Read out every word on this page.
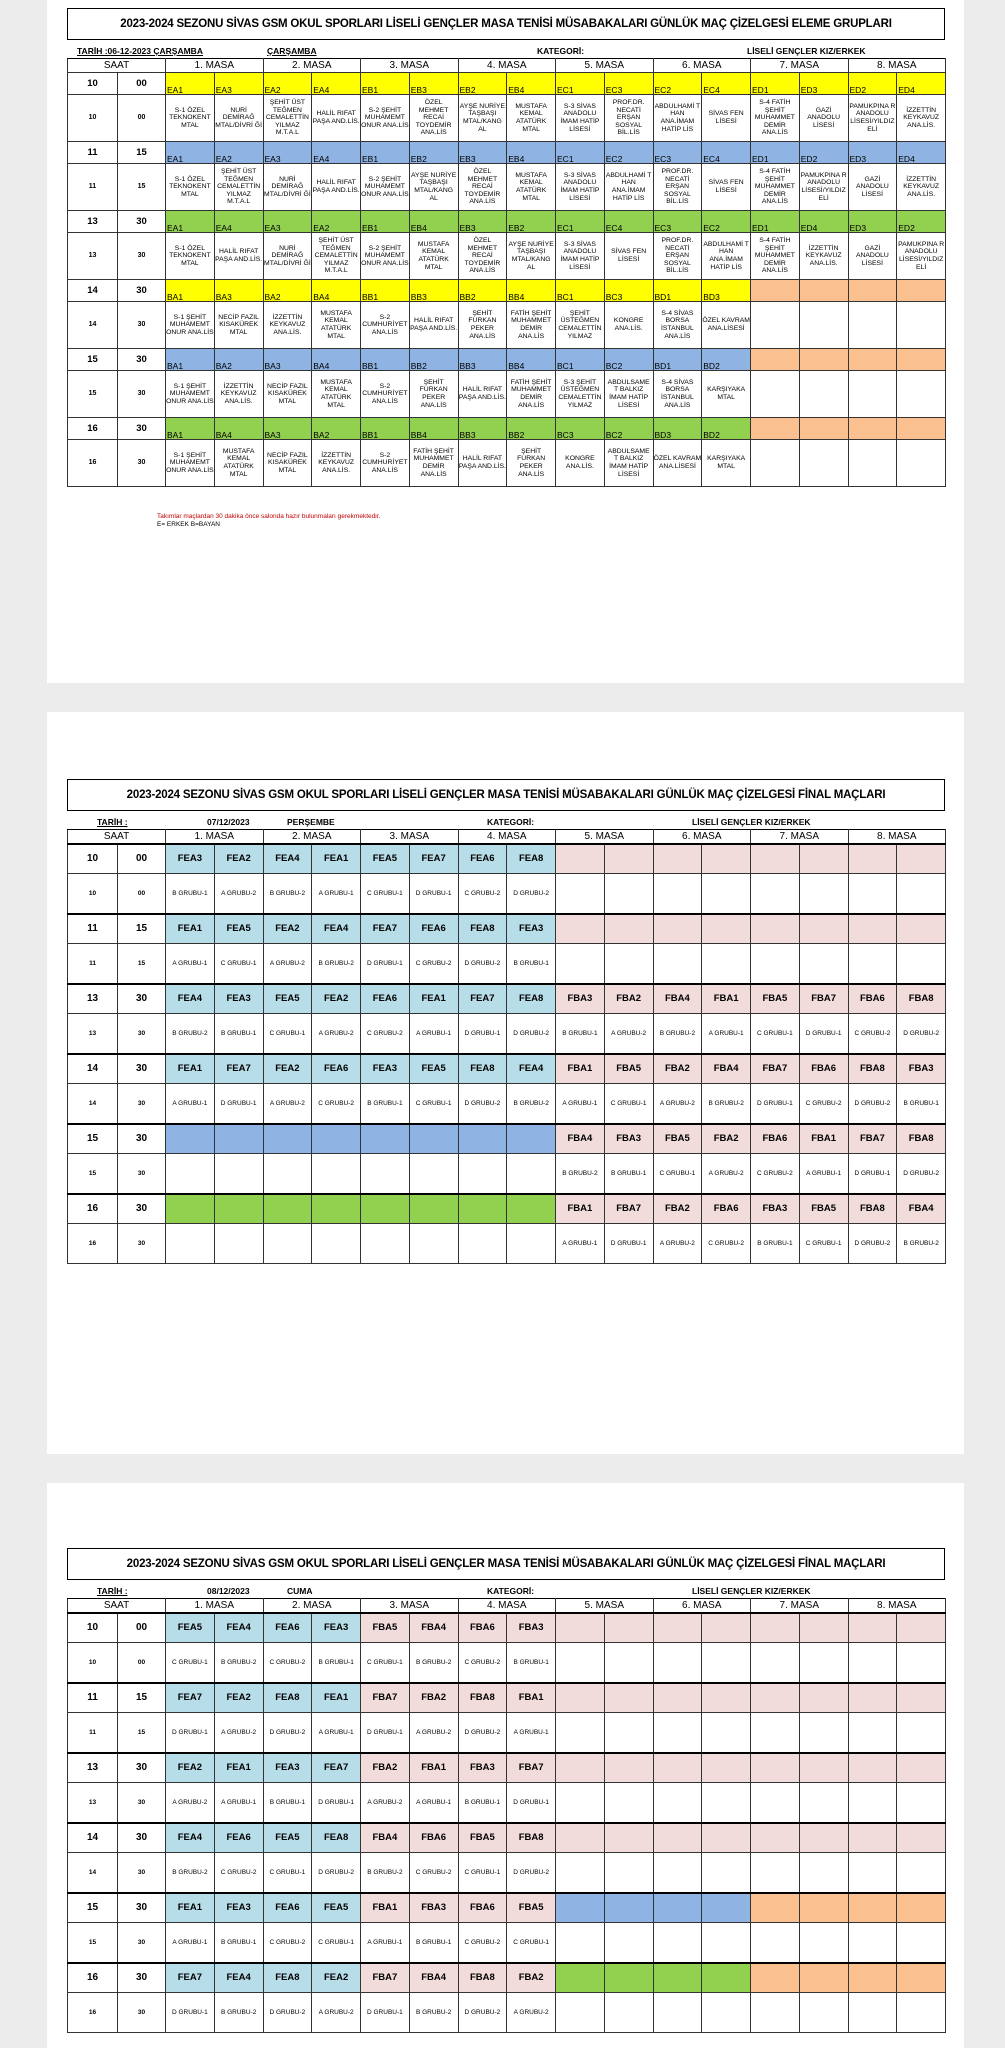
2023-2024 SEZONU SİVAS GSM OKUL SPORLARI LİSELİ GENÇLER MASA TENİSİ MÜSABAKALARI GÜNLÜK MAÇ ÇİZELGESİ ELEME GRUPLARI
TARİH :06-12-2023 ÇARŞAMBA	ÇARŞAMBA	KATEGORİ:	LİSELİ GENÇLER KIZ/ERKEK
SAAT		1. MASA		2. MASA		3. MASA		4. MASA		5. MASA		6. MASA		7. MASA		8. MASA	
10	00	EA1	EA3	EA2	EA4	EB1	EB3	EB2	EB4	EC1	EC3	EC2	EC4	ED1	ED3	ED2	ED4
10	00	S-1 ÖZEL TEKNOKENT MTAL	NURİ DEMİRAĞ MTAL/DİVRİ Ğİ	ŞEHİT ÜST TEĞMEN CEMALETTİN YILMAZ M.T.A.L	HALİL RIFAT PAŞA AND.LİS.	S-2 ŞEHİT MUHAMEMT ONUR ANA.LİS	ÖZEL MEHMET RECAİ TOYDEMİR ANA.LİS	AYŞE NURİYE TAŞBAŞI MTAL/KANG AL	MUSTAFA KEMAL ATATÜRK MTAL	S-3 SİVAS ANADOLU İMAM HATİP LİSESİ	PROF.DR. NECATİ ERŞAN SOSYAL BİL.LİS	ABDULHAMİ T HAN ANA.İMAM HATİP LİS	SİVAS FEN LİSESİ	S-4 FATİH ŞEHİT MUHAMMET DEMİR ANA.LİS	GAZİ ANADOLU LİSESİ	PAMUKPINA R ANADOLU LİSESİ/YILDIZ ELİ	İZZETTİN KEYKAVUZ ANA.LİS.
11	15	EA1	EA2	EA3	EA4	EB1	EB2	EB3	EB4	EC1	EC2	EC3	EC4	ED1	ED2	ED3	ED4
11	15	S-1 ÖZEL TEKNOKENT MTAL	ŞEHİT ÜST TEĞMEN CEMALETTİN YILMAZ M.T.A.L	NURİ DEMİRAĞ MTAL/DİVRİ Ğİ	HALİL RIFAT PAŞA AND.LİS.	S-2 ŞEHİT MUHAMEMT ONUR ANA.LİS	AYŞE NURİYE TAŞBAŞI MTAL/KANG AL	ÖZEL MEHMET RECAİ TOYDEMİR ANA.LİS	MUSTAFA KEMAL ATATÜRK MTAL	S-3 SİVAS ANADOLU İMAM HATİP LİSESİ	ABDULHAMİ T HAN ANA.İMAM HATİP LİS	PROF.DR. NECATİ ERŞAN SOSYAL BİL.LİS	SİVAS FEN LİSESİ	S-4 FATİH ŞEHİT MUHAMMET DEMİR ANA.LİS	PAMUKPINA R ANADOLU LİSESİ/YILDIZ ELİ	GAZİ ANADOLU LİSESİ	İZZETTİN KEYKAVUZ ANA.LİS.
13	30	EA1	EA4	EA3	EA2	EB1	EB4	EB3	EB2	EC1	EC4	EC3	EC2	ED1	ED4	ED3	ED2
13	30	S-1 ÖZEL TEKNOKENT MTAL	HALİL RIFAT PAŞA AND.LİS.	NURİ DEMİRAĞ MTAL/DİVRİ Ğİ	ŞEHİT ÜST TEĞMEN CEMALETTİN YILMAZ M.T.A.L	S-2 ŞEHİT MUHAMEMT ONUR ANA.LİS	MUSTAFA KEMAL ATATÜRK MTAL	ÖZEL MEHMET RECAİ TOYDEMİR ANA.LİS	AYŞE NURİYE TAŞBAŞI MTAL/KANG AL	S-3 SİVAS ANADOLU İMAM HATİP LİSESİ	SİVAS FEN LİSESİ	PROF.DR. NECATİ ERŞAN SOSYAL BİL.LİS	ABDULHAMİ T HAN ANA.İMAM HATİP LİS	S-4 FATİH ŞEHİT MUHAMMET DEMİR ANA.LİS	İZZETTİN KEYKAVUZ ANA.LİS.	GAZİ ANADOLU LİSESİ	PAMUKPINA R ANADOLU LİSESİ/YILDIZ ELİ
14	30	BA1	BA3	BA2	BA4	BB1	BB3	BB2	BB4	BC1	BC3	BD1	BD3				
14	30	S-1 ŞEHİT MUHAMEMT ONUR ANA.LİS	NECİP FAZIL KISAKÜREK MTAL	İZZETTİN KEYKAVUZ ANA.LİS.	MUSTAFA KEMAL ATATÜRK MTAL	S-2 CUMHURİYET ANA.LİS	HALİL RIFAT PAŞA AND.LİS.	ŞEHİT FURKAN PEKER ANA.LİS	FATİH ŞEHİT MUHAMMET DEMİR ANA.LİS	ŞEHİT ÜSTEĞMEN CEMALETTİN YILMAZ	KONGRE ANA.LİS.	S-4 SİVAS BORSA İSTANBUL ANA.LİS	ÖZEL KAVRAM ANA.LİSESİ				
15	30	BA1	BA2	BA3	BA4	BB1	BB2	BB3	BB4	BC1	BC2	BD1	BD2				
15	30	S-1 ŞEHİT MUHAMEMT ONUR ANA.LİS	İZZETTİN KEYKAVUZ ANA.LİS.	NECİP FAZIL KISAKÜREK MTAL	MUSTAFA KEMAL ATATÜRK MTAL	S-2 CUMHURİYET ANA.LİS	ŞEHİT FURKAN PEKER ANA.LİS	HALİL RIFAT PAŞA AND.LİS.	FATİH ŞEHİT MUHAMMET DEMİR ANA.LİS	S-3 ŞEHİT ÜSTEĞMEN CEMALETTİN YILMAZ	ABDULSAME T BALKIZ İMAM HATİP LİSESİ	S-4 SİVAS BORSA İSTANBUL ANA.LİS	KARŞIYAKA MTAL				
16	30	BA1	BA4	BA3	BA2	BB1	BB4	BB3	BB2	BC3	BC2	BD3	BD2				
16	30	S-1 ŞEHİT MUHAMEMT ONUR ANA.LİS	MUSTAFA KEMAL ATATÜRK MTAL	NECİP FAZIL KISAKÜREK MTAL	İZZETTİN KEYKAVUZ ANA.LİS.	S-2 CUMHURİYET ANA.LİS	FATİH ŞEHİT MUHAMMET DEMİR ANA.LİS	HALİL RIFAT PAŞA AND.LİS.	ŞEHİT FURKAN PEKER ANA.LİS	KONGRE ANA.LİS.	ABDULSAME T BALKIZ İMAM HATİP LİSESİ	ÖZEL KAVRAM ANA.LİSESİ	KARŞIYAKA MTAL				
Takımlar maçlardan 30 dakika önce salonda hazır bulunmaları gerekmektedir.
E= ERKEK B=BAYAN
2023-2024 SEZONU SİVAS GSM OKUL SPORLARI LİSELİ GENÇLER MASA TENİSİ MÜSABAKALARI GÜNLÜK MAÇ ÇİZELGESİ FİNAL MAÇLARI
TARİH :	07/12/2023	PERŞEMBE	KATEGORİ:	LİSELİ GENÇLER KIZ/ERKEK
SAAT		1. MASA		2. MASA		3. MASA		4. MASA		5. MASA		6. MASA		7. MASA		8. MASA	
10	00	FEA3	FEA2	FEA4	FEA1	FEA5	FEA7	FEA6	FEA8								
10	00	B GRUBU-1	A GRUBU-2	B GRUBU-2	A GRUBU-1	C GRUBU-1	D GRUBU-1	C GRUBU-2	D GRUBU-2								
11	15	FEA1	FEA5	FEA2	FEA4	FEA7	FEA6	FEA8	FEA3								
11	15	A GRUBU-1	C GRUBU-1	A GRUBU-2	B GRUBU-2	D GRUBU-1	C GRUBU-2	D GRUBU-2	B GRUBU-1								
13	30	FEA4	FEA3	FEA5	FEA2	FEA6	FEA1	FEA7	FEA8	FBA3	FBA2	FBA4	FBA1	FBA5	FBA7	FBA6	FBA8
13	30	B GRUBU-2	B GRUBU-1	C GRUBU-1	A GRUBU-2	C GRUBU-2	A GRUBU-1	D GRUBU-1	D GRUBU-2	B GRUBU-1	A GRUBU-2	B GRUBU-2	A GRUBU-1	C GRUBU-1	D GRUBU-1	C GRUBU-2	D GRUBU-2
14	30	FEA1	FEA7	FEA2	FEA6	FEA3	FEA5	FEA8	FEA4	FBA1	FBA5	FBA2	FBA4	FBA7	FBA6	FBA8	FBA3
14	30	A GRUBU-1	D GRUBU-1	A GRUBU-2	C GRUBU-2	B GRUBU-1	C GRUBU-1	D GRUBU-2	B GRUBU-2	A GRUBU-1	C GRUBU-1	A GRUBU-2	B GRUBU-2	D GRUBU-1	C GRUBU-2	D GRUBU-2	B GRUBU-1
15	30									FBA4	FBA3	FBA5	FBA2	FBA6	FBA1	FBA7	FBA8
15	30									B GRUBU-2	B GRUBU-1	C GRUBU-1	A GRUBU-2	C GRUBU-2	A GRUBU-1	D GRUBU-1	D GRUBU-2
16	30									FBA1	FBA7	FBA2	FBA6	FBA3	FBA5	FBA8	FBA4
16	30									A GRUBU-1	D GRUBU-1	A GRUBU-2	C GRUBU-2	B GRUBU-1	C GRUBU-1	D GRUBU-2	B GRUBU-2
2023-2024 SEZONU SİVAS GSM OKUL SPORLARI LİSELİ GENÇLER MASA TENİSİ MÜSABAKALARI GÜNLÜK MAÇ ÇİZELGESİ FİNAL MAÇLARI
TARİH :	08/12/2023	CUMA	KATEGORİ:	LİSELİ GENÇLER KIZ/ERKEK
SAAT		1. MASA		2. MASA		3. MASA		4. MASA		5. MASA		6. MASA		7. MASA		8. MASA	
10	00	FEA5	FEA4	FEA6	FEA3	FBA5	FBA4	FBA6	FBA3								
10	00	C GRUBU-1	B GRUBU-2	C GRUBU-2	B GRUBU-1	C GRUBU-1	B GRUBU-2	C GRUBU-2	B GRUBU-1								
11	15	FEA7	FEA2	FEA8	FEA1	FBA7	FBA2	FBA8	FBA1								
11	15	D GRUBU-1	A GRUBU-2	D GRUBU-2	A GRUBU-1	D GRUBU-1	A GRUBU-2	D GRUBU-2	A GRUBU-1								
13	30	FEA2	FEA1	FEA3	FEA7	FBA2	FBA1	FBA3	FBA7								
13	30	A GRUBU-2	A GRUBU-1	B GRUBU-1	D GRUBU-1	A GRUBU-2	A GRUBU-1	B GRUBU-1	D GRUBU-1								
14	30	FEA4	FEA6	FEA5	FEA8	FBA4	FBA6	FBA5	FBA8								
14	30	B GRUBU-2	C GRUBU-2	C GRUBU-1	D GRUBU-2	B GRUBU-2	C GRUBU-2	C GRUBU-1	D GRUBU-2								
15	30	FEA1	FEA3	FEA6	FEA5	FBA1	FBA3	FBA6	FBA5								
15	30	A GRUBU-1	B GRUBU-1	C GRUBU-2	C GRUBU-1	A GRUBU-1	B GRUBU-1	C GRUBU-2	C GRUBU-1								
16	30	FEA7	FEA4	FEA8	FEA2	FBA7	FBA4	FBA8	FBA2								
16	30	D GRUBU-1	B GRUBU-2	D GRUBU-2	A GRUBU-2	D GRUBU-1	B GRUBU-2	D GRUBU-2	A GRUBU-2								
